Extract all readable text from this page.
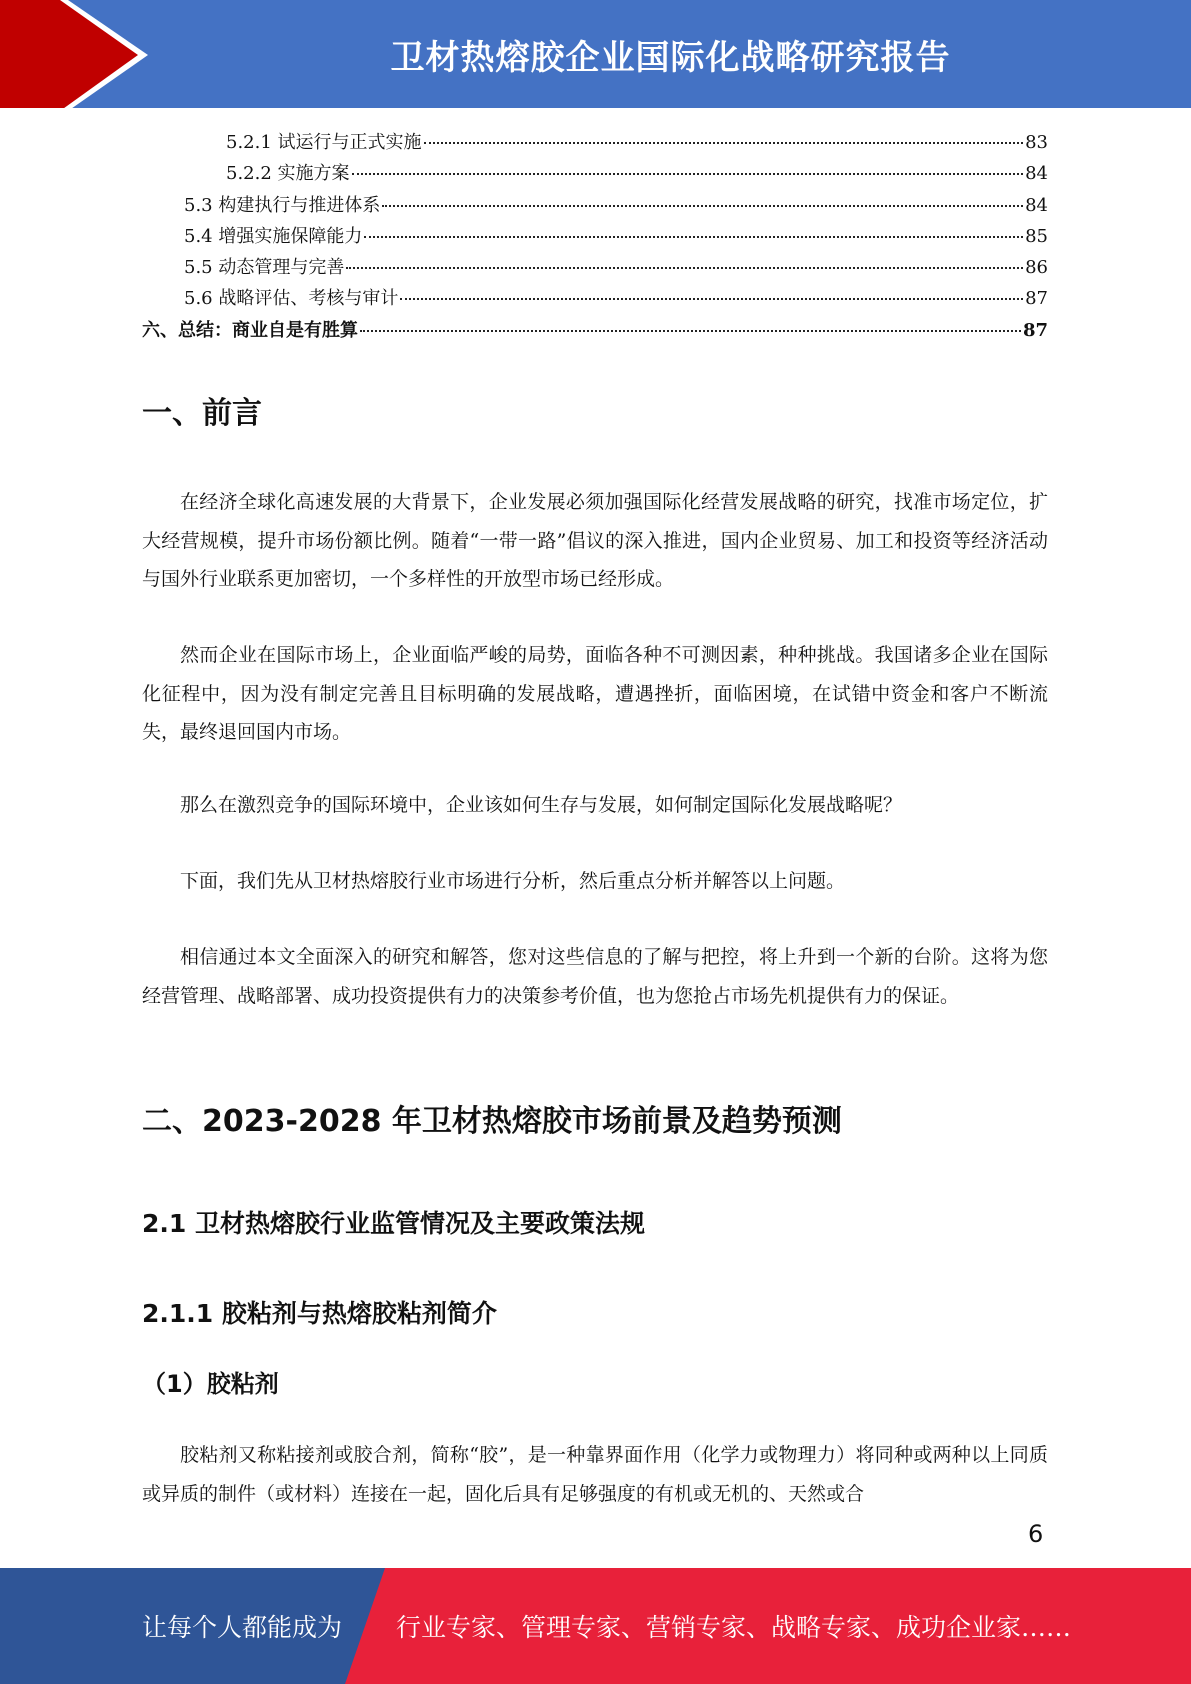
卫材热熔胶企业国际化战略研究报告
5.2.1 试运行与正式实施	83
5.2.2 实施方案	84
5.3 构建执行与推进体系	84
5.4 增强实施保障能力	85
5.5 动态管理与完善	86
5.6 战略评估、考核与审计	87
六、总结：商业自是有胜算	87
一、前言
在经济全球化高速发展的大背景下，企业发展必须加强国际化经营发展战略的研究，找准市场定位，扩大经营规模，提升市场份额比例。随着“一带一路”倡议的深入推进，国内企业贸易、加工和投资等经济活动与国外行业联系更加密切，一个多样性的开放型市场已经形成。
然而企业在国际市场上，企业面临严峻的局势，面临各种不可测因素，种种挑战。我国诸多企业在国际化征程中，因为没有制定完善且目标明确的发展战略，遭遇挫折，面临困境，在试错中资金和客户不断流失，最终退回国内市场。
那么在激烈竞争的国际环境中，企业该如何生存与发展，如何制定国际化发展战略呢？
下面，我们先从卫材热熔胶行业市场进行分析，然后重点分析并解答以上问题。
相信通过本文全面深入的研究和解答，您对这些信息的了解与把控，将上升到一个新的台阶。这将为您经营管理、战略部署、成功投资提供有力的决策参考价值，也为您抢占市场先机提供有力的保证。
二、2023-2028 年卫材热熔胶市场前景及趋势预测
2.1 卫材热熔胶行业监管情况及主要政策法规
2.1.1 胶粘剂与热熔胶粘剂简介
（1）胶粘剂
胶粘剂又称粘接剂或胶合剂，简称“胶”，是一种靠界面作用（化学力或物理力）将同种或两种以上同质或异质的制件（或材料）连接在一起，固化后具有足够强度的有机或无机的、天然或合
6
让每个人都能成为 行业专家、管理专家、营销专家、战略专家、成功企业家……
